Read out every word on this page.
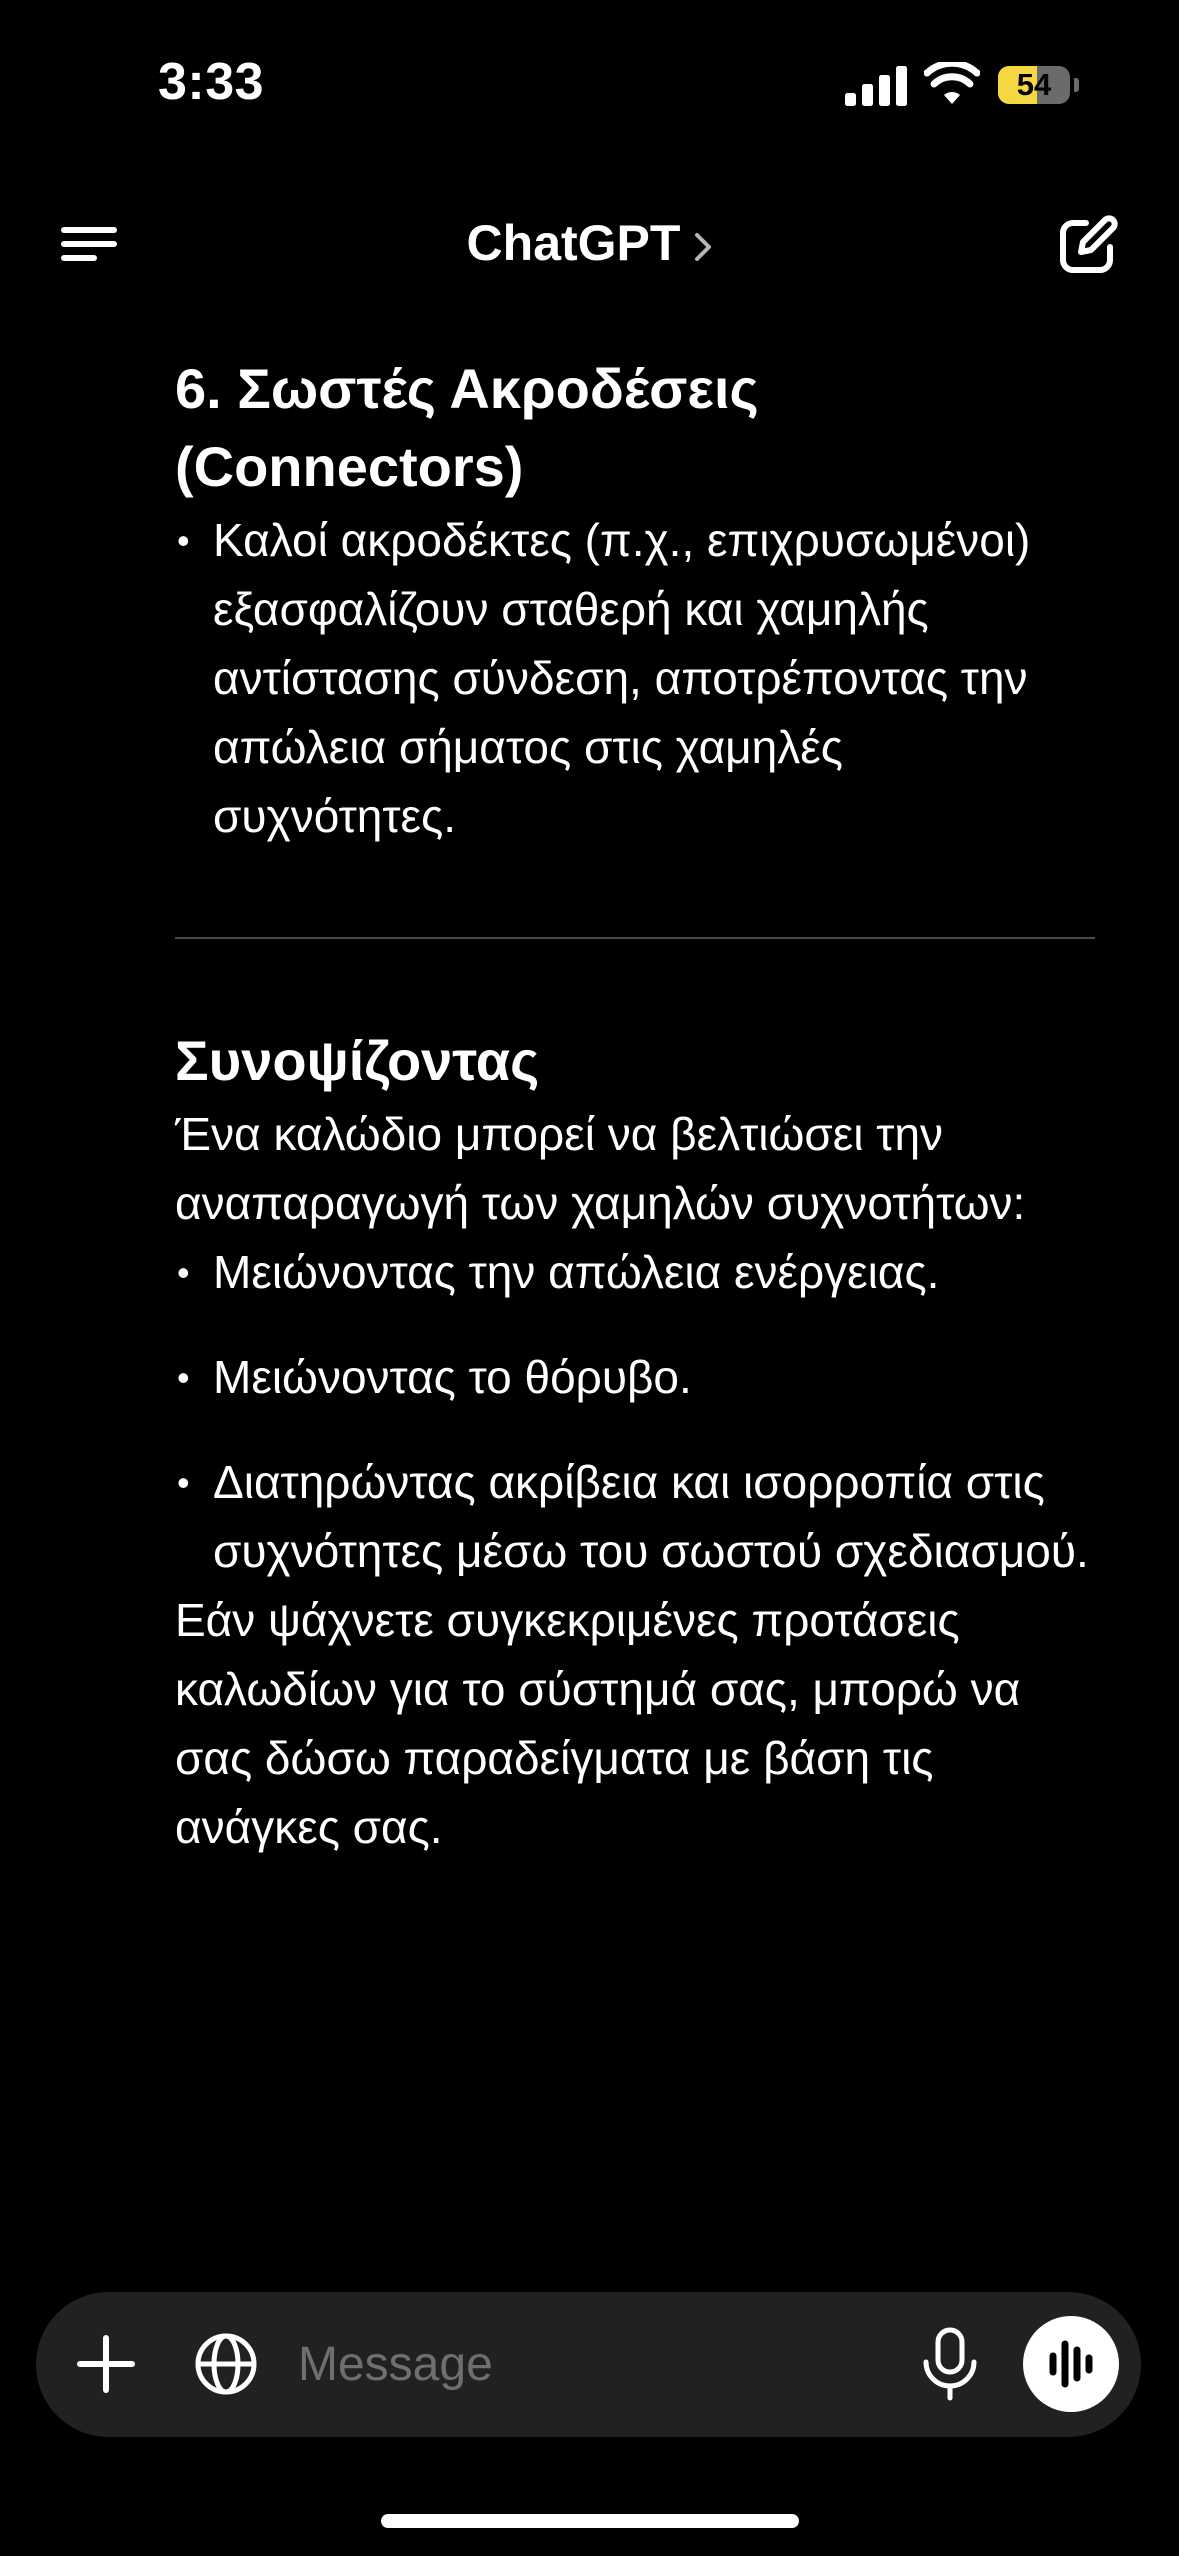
3:33	54
ChatGPT
6. Σωστές Ακροδέσεις (Connectors)
• Καλοί ακροδέκτες (π.χ., επιχρυσωμένοι) εξασφαλίζουν σταθερή και χαμηλής αντίστασης σύνδεση, αποτρέποντας την απώλεια σήματος στις χαμηλές συχνότητες.
Συνοψίζοντας

Ένα καλώδιο μπορεί να βελτιώσει την αναπαραγωγή των χαμηλών συχνοτήτων:

• Μειώνοντας την απώλεια ενέργειας.
• Μειώνοντας το θόρυβο.
• Διατηρώντας ακρίβεια και ισορροπία στις συχνότητες μέσω του σωστού σχεδιασμού.

Εάν ψάχνετε συγκεκριμένες προτάσεις καλωδίων για το σύστημά σας, μπορώ να σας δώσω παραδείγματα με βάση τις ανάγκες σας.

Message
